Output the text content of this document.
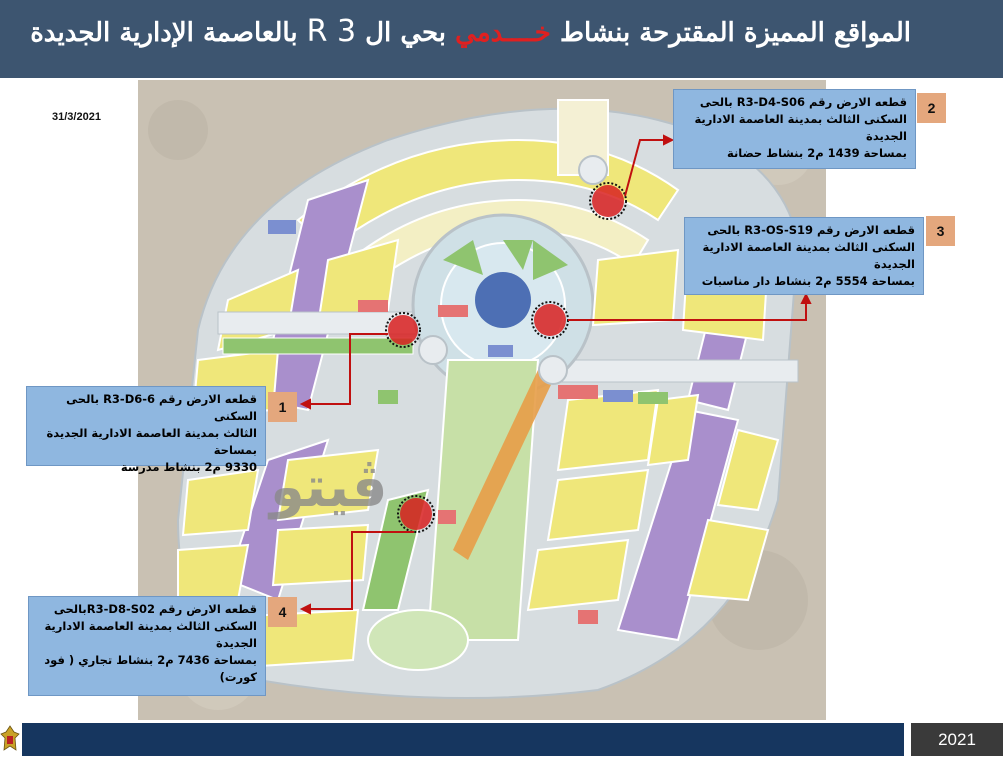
المواقع المميزة المقترحة بنشاط خــــدمي بحي ال R 3 بالعاصمة الإدارية الجديدة
31/3/2021
ڤيتو
قطعه الارض رقم R3-D4-S06 بالحى
السكنى الثالث بمدينة العاصمة الادارية الجديدة
بمساحة 1439 م2 بنشاط حضانة
2
قطعه الارض رقم R3-OS-S19 بالحى
السكنى الثالث بمدينة العاصمة الادارية الجديدة
بمساحة 5554 م2 بنشاط دار مناسبات
3
قطعه الارض رقم R3-D6-6 بالحى السكنى
الثالث بمدينة العاصمة الادارية الجديدة بمساحة
9330 م2 بنشاط مدرسة
1
قطعه الارض رقم R3-D8-S02بالحى
السكنى الثالث بمدينة العاصمة الادارية الجديدة
بمساحة 7436 م2 بنشاط تجاري ( فود
كورت)
4
2021
